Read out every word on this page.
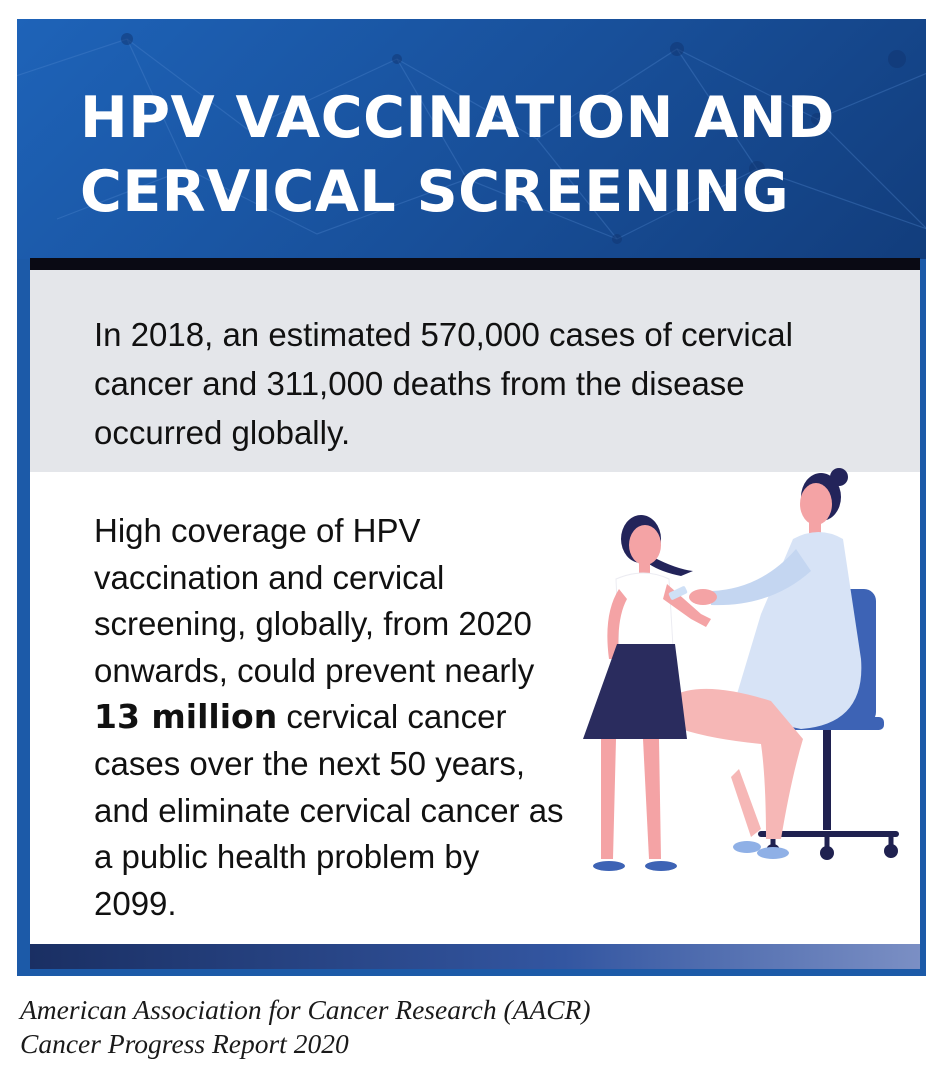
HPV VACCINATION AND
CERVICAL SCREENING

In 2018, an estimated 570,000 cases of cervical cancer and 311,000 deaths from the disease occurred globally.

High coverage of HPV vaccination and cervical screening, globally, from 2020 onwards, could prevent nearly 13 million cervical cancer cases over the next 50 years, and eliminate cervical cancer as a public health problem by 2099.

American Association for Cancer Research (AACR)
Cancer Progress Report 2020
